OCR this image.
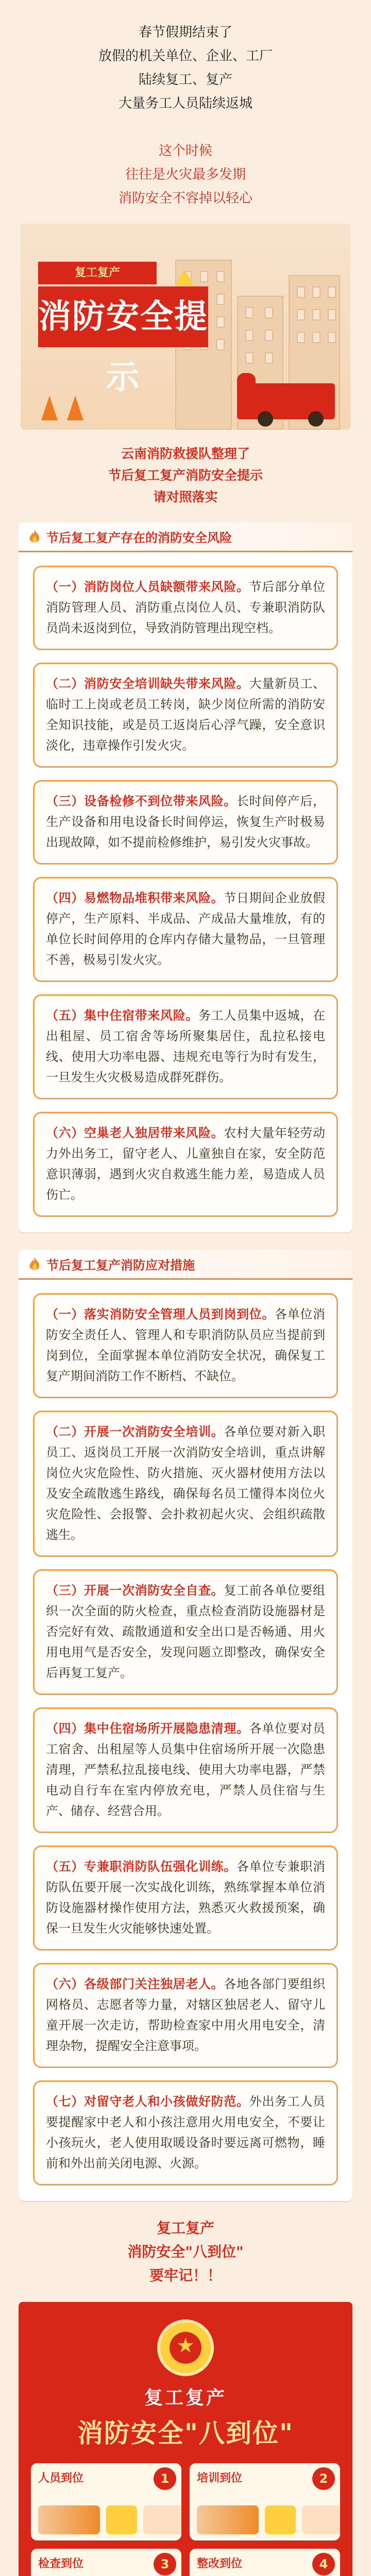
春节假期结束了

放假的机关单位、企业、工厂

陆续复工、复产

大量务工人员陆续返城

这个时候

往往是火灾最多发期

消防安全不容掉以轻心

复工复产
消防安全提示

云南消防救援队整理了

节后复工复产消防安全提示

请对照落实

节后复工复产存在的消防安全风险

（一）消防岗位人员缺额带来风险。节后部分单位消防管理人员、消防重点岗位人员、专兼职消防队员尚未返岗到位，导致消防管理出现空档。

（二）消防安全培训缺失带来风险。大量新员工、临时工上岗或老员工转岗，缺少岗位所需的消防安全知识技能，或是员工返岗后心浮气躁，安全意识淡化，违章操作引发火灾。

（三）设备检修不到位带来风险。长时间停产后，生产设备和用电设备长时间停运，恢复生产时极易出现故障，如不提前检修维护，易引发火灾事故。

（四）易燃物品堆积带来风险。节日期间企业放假停产，生产原料、半成品、产成品大量堆放，有的单位长时间停用的仓库内存储大量物品，一旦管理不善，极易引发火灾。

（五）集中住宿带来风险。务工人员集中返城，在出租屋、员工宿舍等场所聚集居住，乱拉私接电线、使用大功率电器、违规充电等行为时有发生，一旦发生火灾极易造成群死群伤。

（六）空巢老人独居带来风险。农村大量年轻劳动力外出务工，留守老人、儿童独自在家，安全防范意识薄弱，遇到火灾自救逃生能力差，易造成人员伤亡。

节后复工复产消防应对措施

（一）落实消防安全管理人员到岗到位。各单位消防安全责任人、管理人和专职消防队员应当提前到岗到位，全面掌握本单位消防安全状况，确保复工复产期间消防工作不断档、不缺位。

（二）开展一次消防安全培训。各单位要对新入职员工、返岗员工开展一次消防安全培训，重点讲解岗位火灾危险性、防火措施、灭火器材使用方法以及安全疏散逃生路线，确保每名员工懂得本岗位火灾危险性、会报警、会扑救初起火灾、会组织疏散逃生。

（三）开展一次消防安全自查。复工前各单位要组织一次全面的防火检查，重点检查消防设施器材是否完好有效、疏散通道和安全出口是否畅通、用火用电用气是否安全，发现问题立即整改，确保安全后再复工复产。

（四）集中住宿场所开展隐患清理。各单位要对员工宿舍、出租屋等人员集中住宿场所开展一次隐患清理，严禁私拉乱接电线、使用大功率电器，严禁电动自行车在室内停放充电，严禁人员住宿与生产、储存、经营合用。

（五）专兼职消防队伍强化训练。各单位专兼职消防队伍要开展一次实战化训练，熟练掌握本单位消防设施器材操作使用方法，熟悉灭火救援预案，确保一旦发生火灾能够快速处置。

（六）各级部门关注独居老人。各地各部门要组织网格员、志愿者等力量，对辖区独居老人、留守儿童开展一次走访，帮助检查家中用火用电安全，清理杂物，提醒安全注意事项。

（七）对留守老人和小孩做好防范。外出务工人员要提醒家中老人和小孩注意用火用电安全，不要让小孩玩火，老人使用取暖设备时要远离可燃物，睡前和外出前关闭电源、火源。

复工复产

消防安全"八到位"

要牢记！！

★
复工复产
消防安全"八到位"
人员到位	1	培训到位	2
检查到位	3	整改到位	4
